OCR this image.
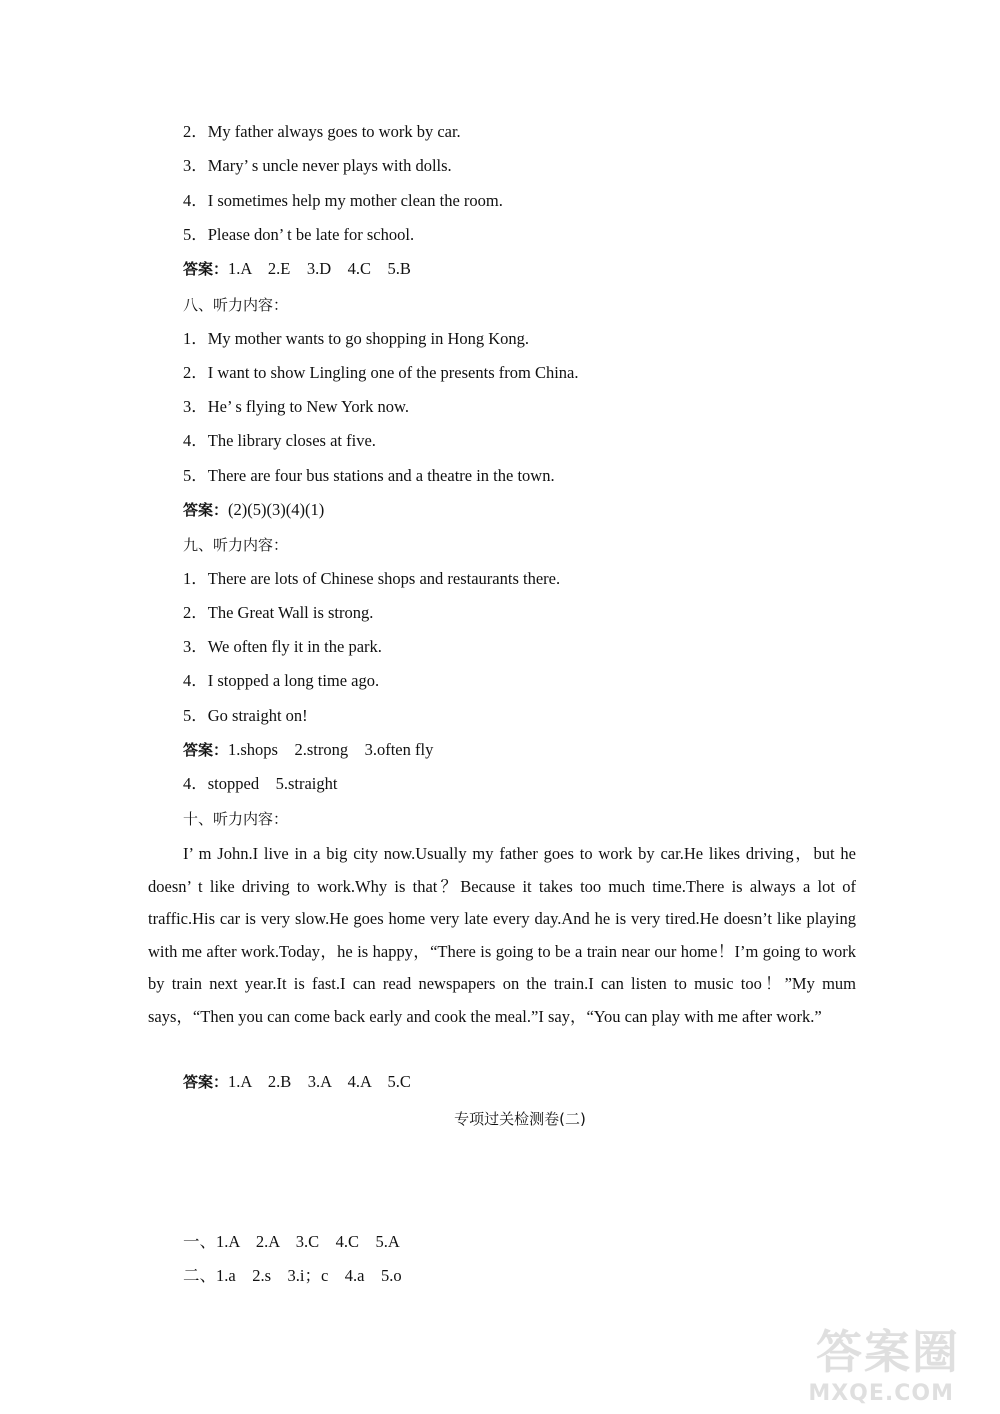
2．My father always goes to work by car.
3．Mary’ s uncle never plays with dolls.
4．I sometimes help my mother clean the room.
5．Please don’ t be late for school.
答案：1.A　2.E　3.D　4.C　5.B
八、听力内容：
1．My mother wants to go shopping in Hong Kong.
2．I want to show Lingling one of the presents from China.
3．He’ s flying to New York now.
4．The library closes at five.
5．There are four bus stations and a theatre in the town.
答案：(2)(5)(3)(4)(1)
九、听力内容：
1．There are lots of Chinese shops and restaurants there.
2．The Great Wall is strong.
3．We often fly it in the park.
4．I stopped a long time ago.
5．Go straight on!
答案：1.shops　2.strong　3.often fly
4．stopped　5.straight
十、听力内容：
I’ m John.I live in a big city now.Usually my father goes to work by car.He likes driving，but he doesn’ t like driving to work.Why is that？Because it takes too much time.There is always a lot of traffic.His car is very slow.He goes home very late every day.And he is very tired.He doesn’t like playing with me after work.Today，he is happy，“There is going to be a train near our home！I’m going to work by train next year.It is fast.I can read newspapers on the train.I can listen to music too！”My mum says，“Then you can come back early and cook the meal.”I say，“You can play with me after work.”
答案：1.A　2.B　3.A　4.A　5.C
专项过关检测卷(二)
一、1.A　2.A　3.C　4.C　5.A
二、1.a　2.s　3.i；c　4.a　5.o
答案圈
MXQE.COM
